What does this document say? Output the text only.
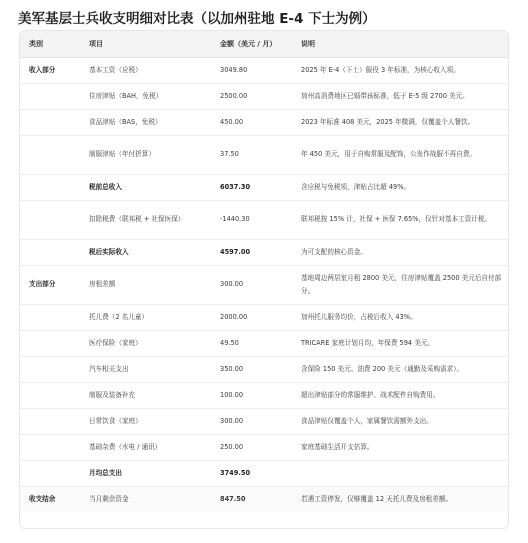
美军基层士兵收支明细对比表（以加州驻地 E-4 下士为例）
类别	项目	金额（美元 / 月）	说明
收入部分	基本工资（应税）	3049.80	2025 年 E-4（下士）服役 3 年标准，为核心收入项。
	住房津贴（BAH，免税）	2500.00	加州高消费地区已婚带孩标准，低于 E-5 级 2700 美元。
	食品津贴（BAS，免税）	450.00	2023 年标准 408 美元，2025 年微调，仅覆盖个人餐饮。
	制服津贴（年付折算）	37.50	年 450 美元，用于自购常服及配饰，公发作战服不再自费。
	税前总收入	6037.30	含应税与免税项，津贴占比超 49%。
	扣除税费（联邦税 + 社保医保）	-1440.30	联邦税按 15% 计，社保 + 医保 7.65%，仅针对基本工资计税。
	税后实际收入	4597.00	为可支配的核心资金。
支出部分	房租差额	300.00	基地周边两居室月租 2800 美元，住房津贴覆盖 2500 美元后自付部分。
	托儿费（2 名儿童）	2000.00	加州托儿服务均价，占税后收入 43%。
	医疗保险（家庭）	49.50	TRICARE 家庭计划月均，年保费 594 美元。
	汽车相关支出	350.00	含保险 150 美元、油费 200 美元（通勤及采购需求）。
	制服及装备补充	100.00	超出津贴部分的常服维护、战术配件自购费用。
	日常饮食（家庭）	300.00	食品津贴仅覆盖个人，家属餐饮需额外支出。
	基础杂费（水电 / 通讯）	250.00	家庭基础生活开支估算。
	月均总支出	3749.50	
收支结余	当月剩余资金	847.50	若遇工资停发，仅够覆盖 12 天托儿费及房租差额。
